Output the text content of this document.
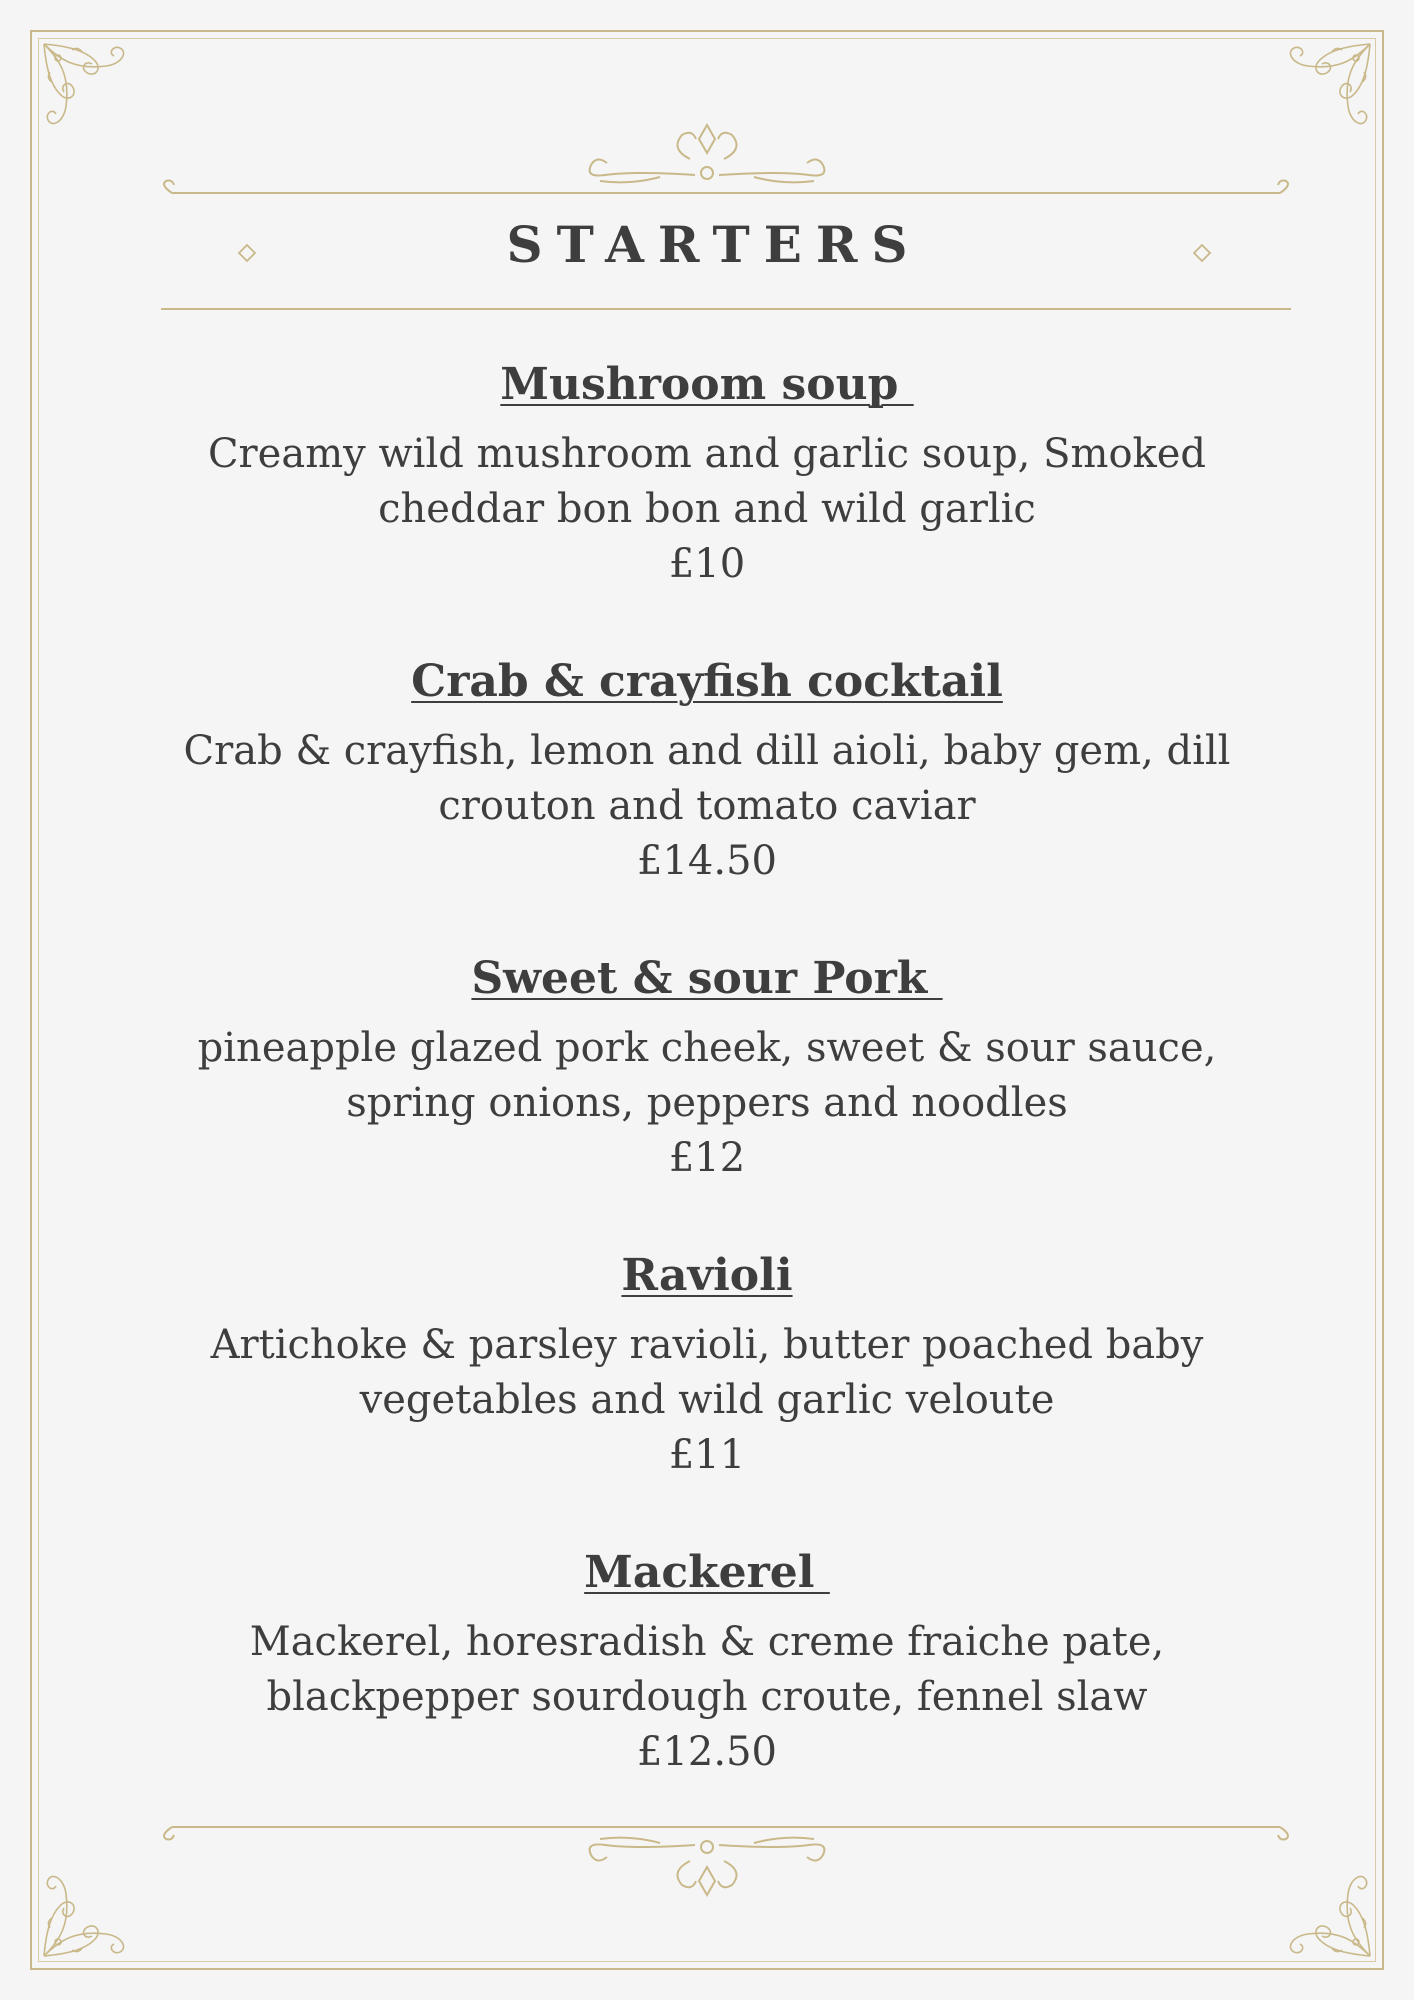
STARTERS
Mushroom soup
Creamy wild mushroom and garlic soup, Smoked cheddar bon bon and wild garlic
£10
Crab & crayfish cocktail
Crab & crayfish, lemon and dill aioli, baby gem, dill crouton and tomato caviar
£14.50
Sweet & sour Pork
pineapple glazed pork cheek, sweet & sour sauce, spring onions, peppers and noodles
£12
Ravioli
Artichoke & parsley ravioli, butter poached baby vegetables and wild garlic veloute
£11
Mackerel
Mackerel, horesradish & creme fraiche pate, blackpepper sourdough croute, fennel slaw
£12.50
